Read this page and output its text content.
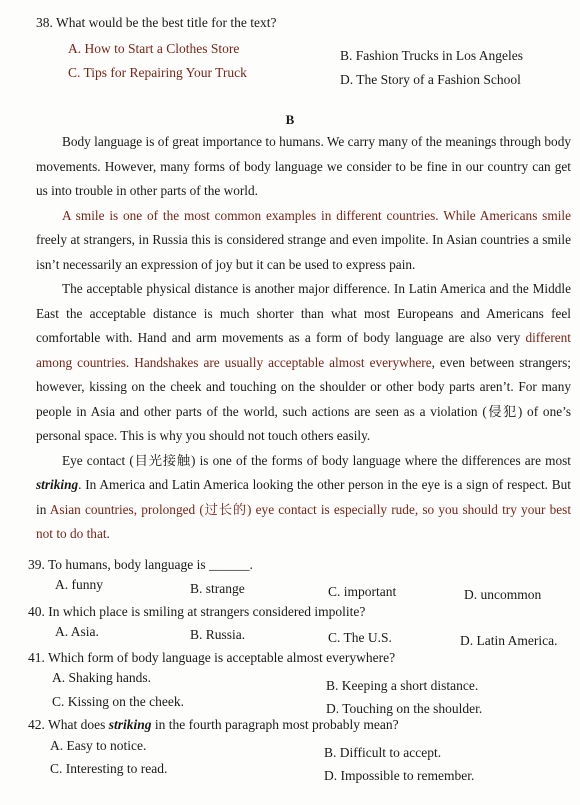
38. What would be the best title for the text?
A. How to Start a Clothes Store	B. Fashion Trucks in Los Angeles
C. Tips for Repairing Your Truck	D. The Story of a Fashion School
B

Body language is of great importance to humans. We carry many of the meanings through body movements. However, many forms of body language we consider to be fine in our country can get us into trouble in other parts of the world.

A smile is one of the most common examples in different countries. While Americans smile freely at strangers, in Russia this is considered strange and even impolite. In Asian countries a smile isn’t necessarily an expression of joy but it can be used to express pain.

The acceptable physical distance is another major difference. In Latin America and the Middle East the acceptable distance is much shorter than what most Europeans and Americans feel comfortable with. Hand and arm movements as a form of body language are also very different among countries. Handshakes are usually acceptable almost everywhere, even between strangers; however, kissing on the cheek and touching on the shoulder or other body parts aren’t. For many people in Asia and other parts of the world, such actions are seen as a violation (侵犯) of one’s personal space. This is why you should not touch others easily.

Eye contact (目光接触) is one of the forms of body language where the differences are most striking. In America and Latin America looking the other person in the eye is a sign of respect. But in Asian countries, prolonged (过长的) eye contact is especially rude, so you should try your best not to do that.

39. To humans, body language is ______.
A. funny	B. strange	C. important	D. uncommon
40. In which place is smiling at strangers considered impolite?
A. Asia.	B. Russia.	C. The U.S.	D. Latin America.
41. Which form of body language is acceptable almost everywhere?
A. Shaking hands.
B. Keeping a short distance.
C. Kissing on the cheek.	D. Touching on the shoulder.
42. What does striking in the fourth paragraph most probably mean?
A. Easy to notice.	B. Difficult to accept.
C. Interesting to read.	D. Impossible to remember.
